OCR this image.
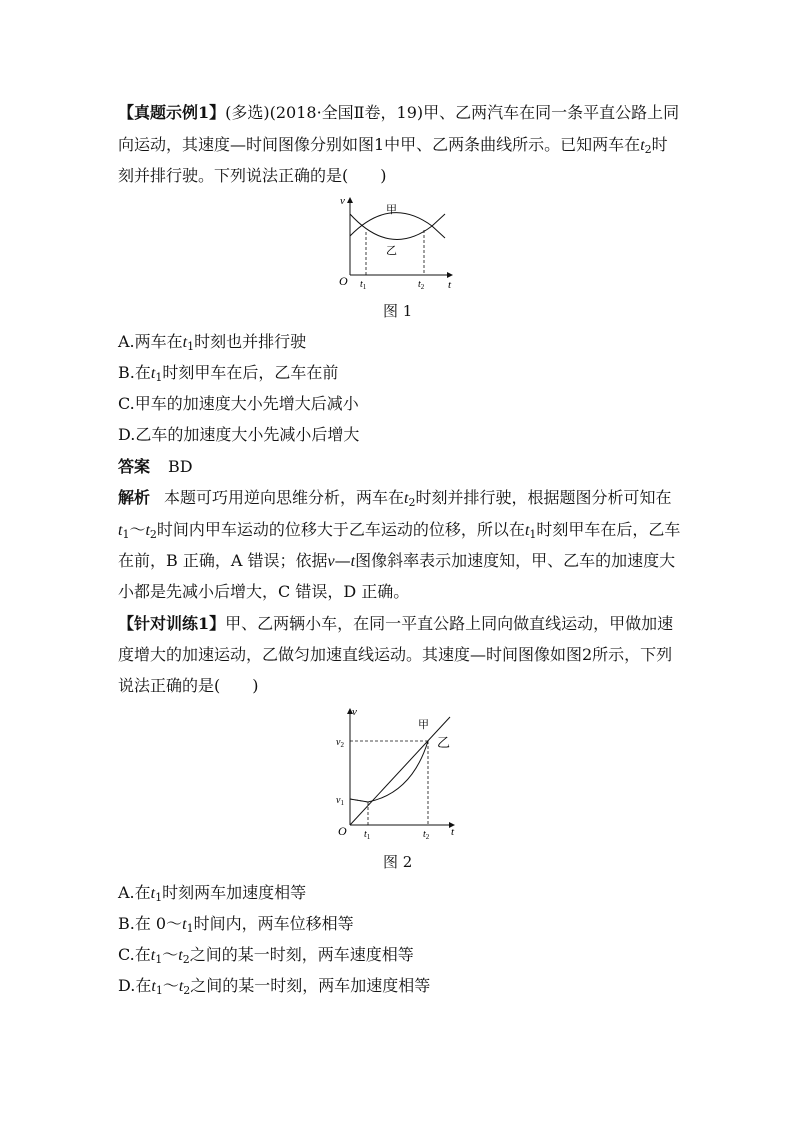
【真题示例1】(多选)(2018·全国Ⅱ卷，19)甲、乙两汽车在同一条平直公路上同
向运动，其速度—时间图像分别如图1中甲、乙两条曲线所示。已知两车在$t_2$时
刻并排行驶。下列说法正确的是(　　)
v
t
O $t_1$	$t_2$
甲
乙
图 1
A.两车在$t_1$时刻也并排行驶
B.在$t_1$时刻甲车在后，乙车在前
C.甲车的加速度大小先增大后减小
D.乙车的加速度大小先减小后增大
答案 BD
解析 本题可巧用逆向思维分析，两车在$t_2$时刻并排行驶，根据题图分析可知在
$t_1\sim t_2$时间内甲车运动的位移大于乙车运动的位移，所以在$t_1$时刻甲车在后，乙车
在前，B 正确，A 错误；依据v—t图像斜率表示加速度知，甲、乙车的加速度大
小都是先减小后增大，C 错误，D 正确。
【针对训练1】甲、乙两辆小车，在同一平直公路上同向做直线运动，甲做加速
度增大的加速运动，乙做匀加速直线运动。其速度—时间图像如图2所示，下列
说法正确的是(　　)
v
t
O
$v_2$
$v_1$
$t_1$	$t_2$
甲
乙
图 2
A.在$t_1$时刻两车加速度相等
B.在 $0\sim t_1$时间内，两车位移相等
C.在$t_1\sim t_2$之间的某一时刻，两车速度相等
D.在$t_1\sim t_2$之间的某一时刻，两车加速度相等
